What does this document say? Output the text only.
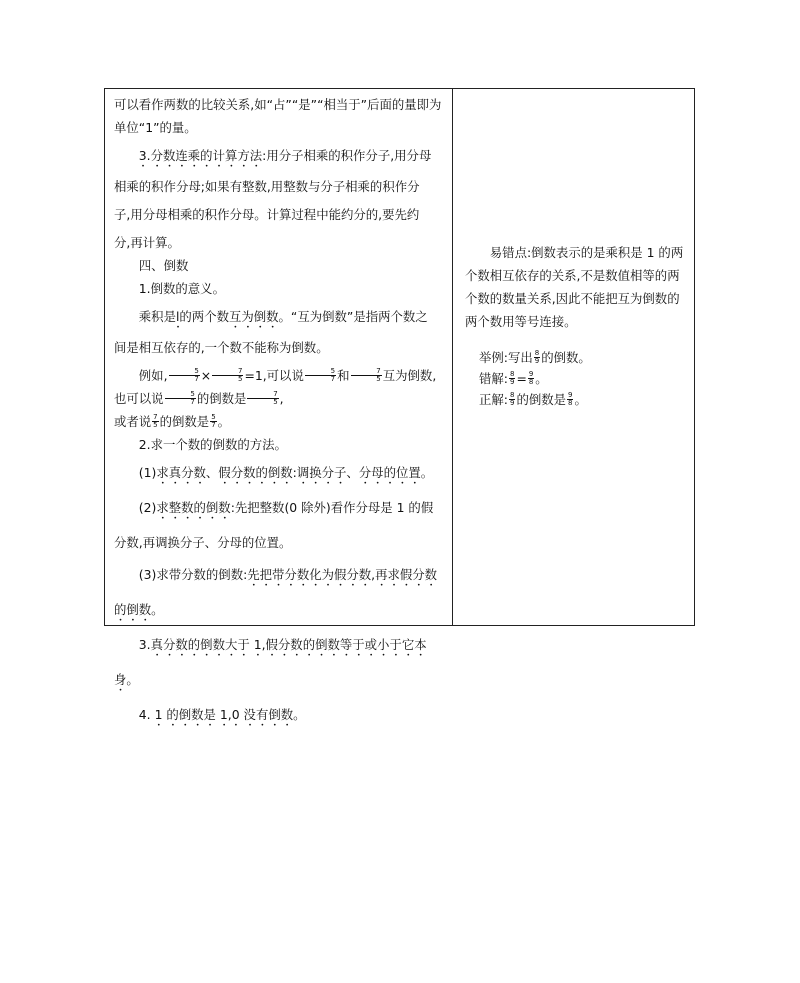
可以看作两数的比较关系,如“占”“是”“相当于”后面的量即为

单位“1”的量。

3.分数连乘的计算方法:用分子相乘的积作分子,用分母

相乘的积作分母;如果有整数,用整数与分子相乘的积作分

子,用分母相乘的积作分母。计算过程中能约分的,要先约

分,再计算。

四、倒数

1.倒数的意义。

乘积是l的两个数互为倒数。“互为倒数”是指两个数之

间是相互依存的,一个数不能称为倒数。

例如, $\frac{5}{7} \times \frac{7}{5} =1$,可以说 $\frac{5}{7}$ 和 $\frac{7}{5}$ 互为倒数,也可以说 $\frac{5}{7}$ 的倒数是 $\frac{7}{5}$ ,

或者说 $\frac{7}{5}$ 的倒数是 $\frac{5}{7}$ 。

2.求一个数的倒数的方法。

(1)求真分数、假分数的倒数:调换分子、分母的位置。

(2)求整数的倒数:先把整数(0 除外)看作分母是 1 的假

分数,再调换分子、分母的位置。

(3)求带分数的倒数:先把带分数化为假分数,再求假分数

的倒数。

3.真分数的倒数大于 1,假分数的倒数等于或小于它本

身。

4. 1 的倒数是 1,0 没有倒数。

易错点:倒数表示的是乘积是 1 的两个数相互依存的关系,不是数值相等的两个数的数量关系,因此不能把互为倒数的两个数用等号连接。

举例:写出 $\frac{8}{9}$ 的倒数。

错解: $\frac{8}{9} = \frac{9}{8}$ 。

正解: $\frac{8}{9}$ 的倒数是 $\frac{9}{8}$ 。
